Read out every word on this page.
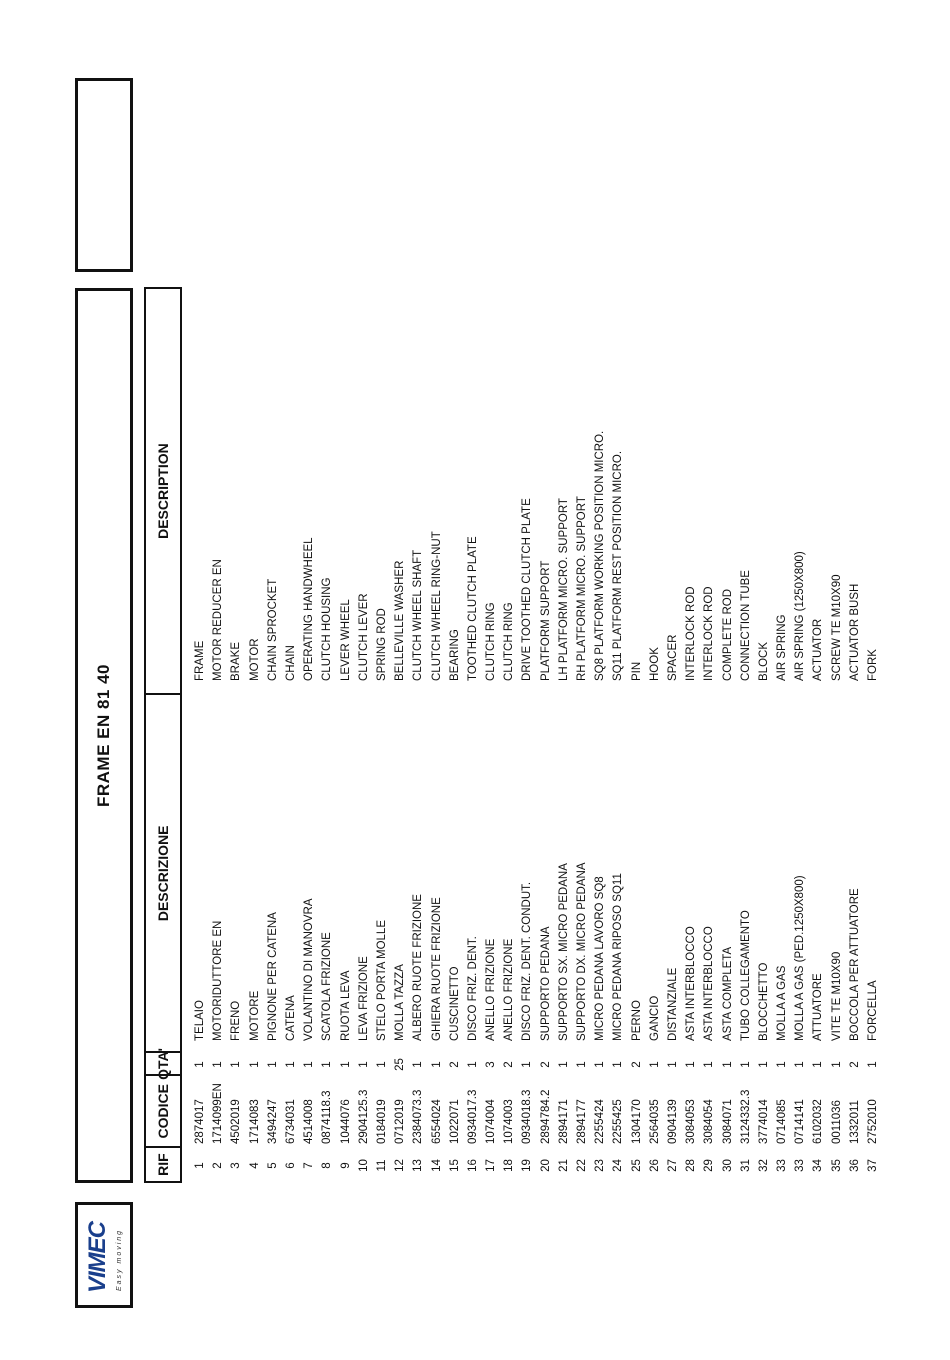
VIMEC Easy moving
FRAME EN 81 40
RIF
CODICE
QTA'
DESCRIZIONE
DESCRIPTION
1
2874017
1
TELAIO
FRAME
2
1714099EN
1
MOTORIDUTTORE EN
MOTOR REDUCER EN
3
4502019
1
FRENO
BRAKE
4
1714083
1
MOTORE
MOTOR
5
3494247
1
PIGNONE PER CATENA
CHAIN SPROCKET
6
6734031
1
CATENA
CHAIN
7
4514008
1
VOLANTINO DI MANOVRA
OPERATING HANDWHEEL
8
0874118.3
1
SCATOLA FRIZIONE
CLUTCH HOUSING
9
1044076
1
RUOTA LEVA
LEVER WHEEL
10
2904125.3
1
LEVA FRIZIONE
CLUTCH LEVER
11
0184019
1
STELO PORTA MOLLE
SPRING ROD
12
0712019
25
MOLLA TAZZA
BELLEVILLE WASHER
13
2384073.3
1
ALBERO RUOTE FRIZIONE
CLUTCH WHEEL SHAFT
14
6554024
1
GHIERA RUOTE FRIZIONE
CLUTCH WHEEL RING-NUT
15
1022071
2
CUSCINETTO
BEARING
16
0934017.3
1
DISCO FRIZ. DENT.
TOOTHED CLUTCH PLATE
17
1074004
3
ANELLO FRIZIONE
CLUTCH RING
18
1074003
2
ANELLO FRIZIONE
CLUTCH RING
19
0934018.3
1
DISCO FRIZ. DENT. CONDUT.
DRIVE TOOTHED CLUTCH PLATE
20
2894784.2
2
SUPPORTO PEDANA
PLATFORM SUPPORT
21
2894171
1
SUPPORTO SX. MICRO PEDANA
LH PLATFORM MICRO. SUPPORT
22
2894177
1
SUPPORTO DX. MICRO PEDANA
RH PLATFORM MICRO. SUPPORT
23
2255424
1
MICRO PEDANA LAVORO SQ8
SQ8 PLATFORM WORKING POSITION MICRO.
24
2255425
1
MICRO PEDANA RIPOSO SQ11
SQ11 PLATFORM REST POSITION MICRO.
25
1304170
2
PERNO
PIN
26
2564035
1
GANCIO
HOOK
27
0904139
1
DISTANZIALE
SPACER
28
3084053
1
ASTA INTERBLOCCO
INTERLOCK ROD
29
3084054
1
ASTA INTERBLOCCO
INTERLOCK ROD
30
3084071
1
ASTA COMPLETA
COMPLETE ROD
31
3124332.3
1
TUBO COLLEGAMENTO
CONNECTION TUBE
32
3774014
1
BLOCCHETTO
BLOCK
33
0714085
1
MOLLA A GAS
AIR SPRING
33
0714141
1
MOLLA A GAS (PED.1250X800)
AIR SPRING (1250X800)
34
6102032
1
ATTUATORE
ACTUATOR
35
0011036
1
VITE TE M10X90
SCREW TE M10X90
36
1332011
2
BOCCOLA PER ATTUATORE
ACTUATOR BUSH
37
2752010
1
FORCELLA
FORK
